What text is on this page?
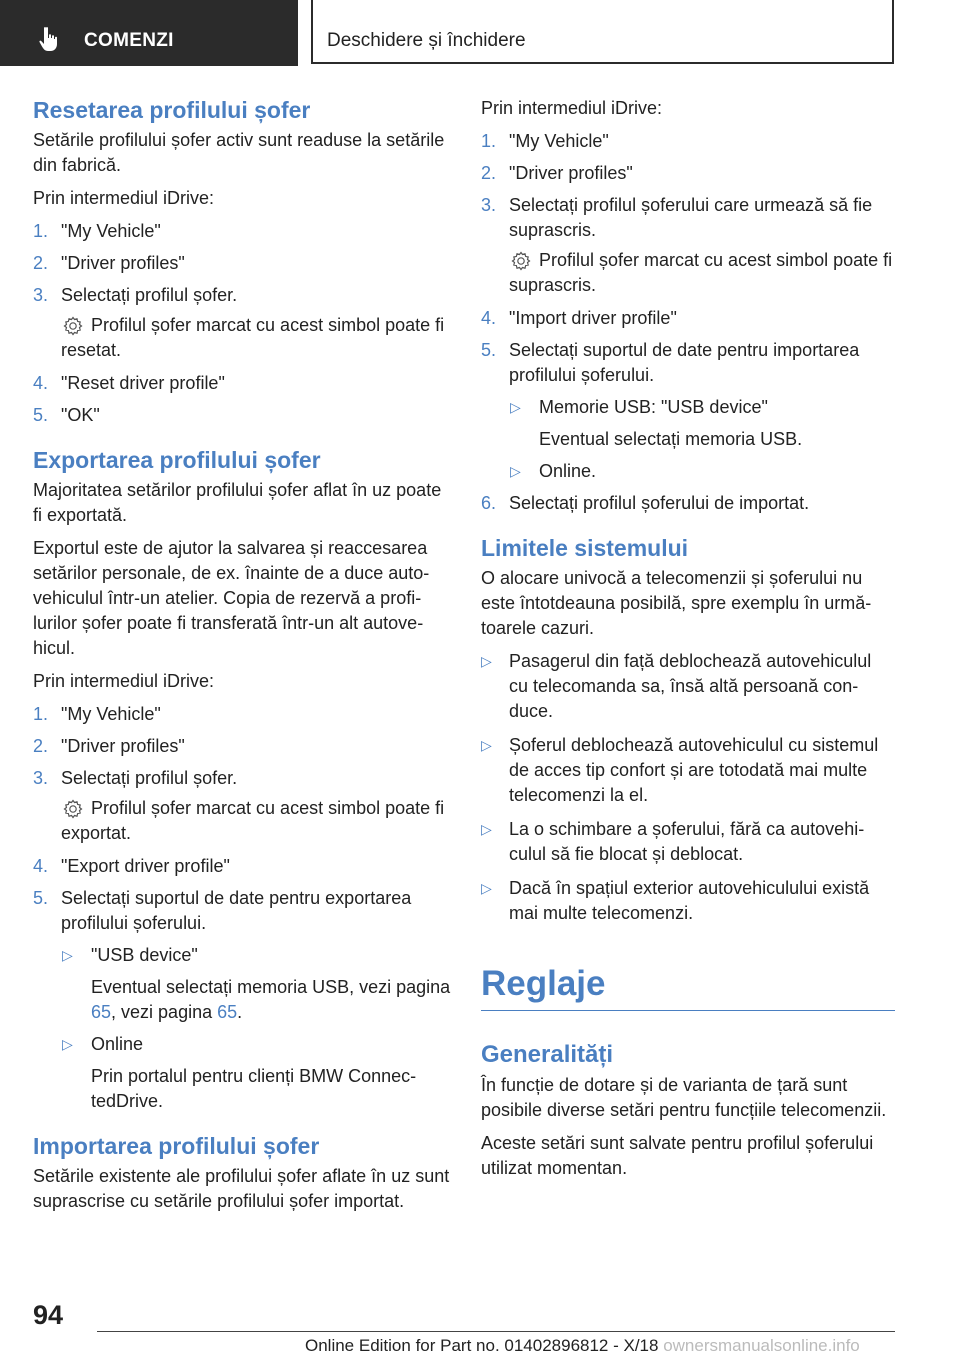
COMENZI	Deschidere și închidere
Resetarea profilului șofer

Setările profilului șofer activ sunt readuse la setările din fabrică.

Prin intermediul iDrive:

1. "My Vehicle"
2. "Driver profiles"
3. Selectați profilul șofer.
Profilul șofer marcat cu acest simbol poate fi resetat.
4. "Reset driver profile"
5. "OK"
Exportarea profilului șofer

Majoritatea setărilor profilului șofer aflat în uz poate fi exportată.

Exportul este de ajutor la salvarea și reaccesarea setărilor personale, de ex. înainte de a duce autovehiculul într-un atelier. Copia de rezervă a profilurilor șofer poate fi transferată într-un alt autovehicul.

Prin intermediul iDrive:

1. "My Vehicle"
2. "Driver profiles"
3. Selectați profilul șofer.
Profilul șofer marcat cu acest simbol poate fi exportat.
4. "Export driver profile"
5. Selectați suportul de date pentru exportarea profilului șoferului.
▷ "USB device"
Eventual selectați memoria USB, vezi pagina 65, vezi pagina 65.
▷ Online
Prin portalul pentru clienți BMW ConnectedDrive.
Importarea profilului șofer

Setările existente ale profilului șofer aflate în uz sunt suprascrise cu setările profilului șofer importat.

Prin intermediul iDrive:

1. "My Vehicle"
2. "Driver profiles"
3. Selectați profilul șoferului care urmează să fie suprascris.
Profilul șofer marcat cu acest simbol poate fi suprascris.
4. "Import driver profile"
5. Selectați suportul de date pentru importarea profilului șoferului.
▷ Memorie USB: "USB device"
Eventual selectați memoria USB.
▷ Online.
6. Selectați profilul șoferului de importat.
Limitele sistemului

O alocare univocă a telecomenzii și șoferului nu este întotdeauna posibilă, spre exemplu în următoarele cazuri.

▷ Pasagerul din față deblochează autovehiculul cu telecomanda sa, însă altă persoană conduce.
▷ Șoferul deblochează autovehiculul cu sistemul de acces tip confort și are totodată mai multe telecomenzi la el.
▷ La o schimbare a șoferului, fără ca autovehiculul să fie blocat și deblocat.
▷ Dacă în spațiul exterior autovehiculului există mai multe telecomenzi.
Reglaje
Generalități

În funcție de dotare și de varianta de țară sunt posibile diverse setări pentru funcțiile telecomenzii.

Aceste setări sunt salvate pentru profilul șoferului utilizat momentan.

94
Online Edition for Part no. 01402896812 - X/18 ownersmanualsonline.info
